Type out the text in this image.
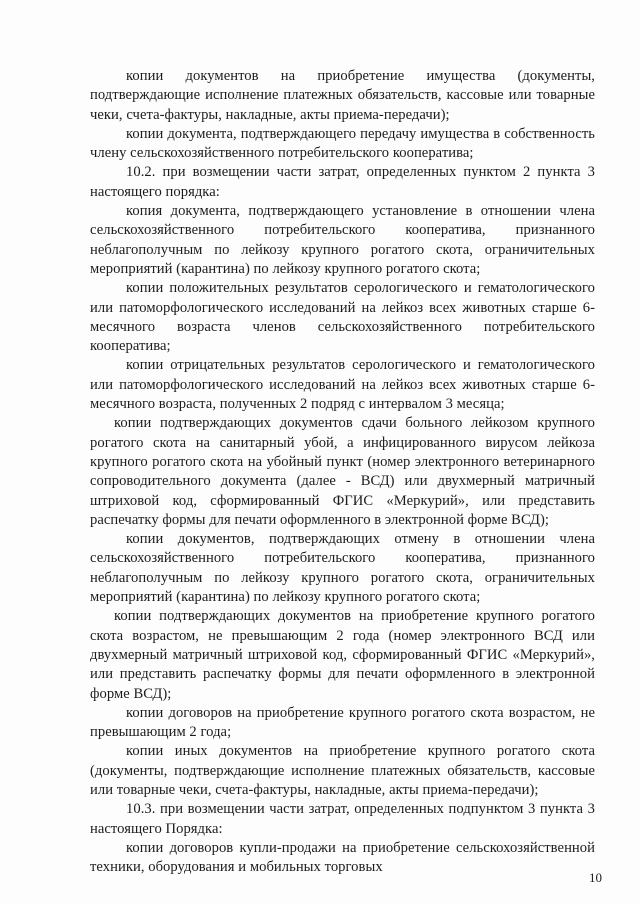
копии документов на приобретение имущества (документы, подтверждающие исполнение платежных обязательств, кассовые или товарные чеки, счета-фактуры, накладные, акты приема-передачи);

копии документа, подтверждающего передачу имущества в собственность члену сельскохозяйственного потребительского кооператива;

10.2. при возмещении части затрат, определенных пунктом 2 пункта 3 настоящего порядка:

копия документа, подтверждающего установление в отношении члена сельскохозяйственного потребительского кооператива, признанного неблагополучным по лейкозу крупного рогатого скота, ограничительных мероприятий (карантина) по лейкозу крупного рогатого скота;

копии положительных результатов серологического и гематологического или патоморфологического исследований на лейкоз всех животных старше 6-месячного возраста членов сельскохозяйственного потребительского кооператива;

копии отрицательных результатов серологического и гематологического или патоморфологического исследований на лейкоз всех животных старше 6-месячного возраста, полученных 2 подряд с интервалом 3 месяца;

копии подтверждающих документов сдачи больного лейкозом крупного рогатого скота на санитарный убой, а инфицированного вирусом лейкоза крупного рогатого скота на убойный пункт (номер электронного ветеринарного сопроводительного документа (далее - ВСД) или двухмерный матричный штриховой код, сформированный ФГИС «Меркурий», или представить распечатку формы для печати оформленного в электронной форме ВСД);

копии документов, подтверждающих отмену в отношении члена сельскохозяйственного потребительского кооператива, признанного неблагополучным по лейкозу крупного рогатого скота, ограничительных мероприятий (карантина) по лейкозу крупного рогатого скота;

копии подтверждающих документов на приобретение крупного рогатого скота возрастом, не превышающим 2 года (номер электронного ВСД или двухмерный матричный штриховой код, сформированный ФГИС «Меркурий», или представить распечатку формы для печати оформленного в электронной форме ВСД);

копии договоров на приобретение крупного рогатого скота возрастом, не превышающим 2 года;

копии иных документов на приобретение крупного рогатого скота (документы, подтверждающие исполнение платежных обязательств, кассовые или товарные чеки, счета-фактуры, накладные, акты приема-передачи);

10.3. при возмещении части затрат, определенных подпунктом 3 пункта 3 настоящего Порядка:

копии договоров купли-продажи на приобретение сельскохозяйственной техники, оборудования и мобильных торговых

10
